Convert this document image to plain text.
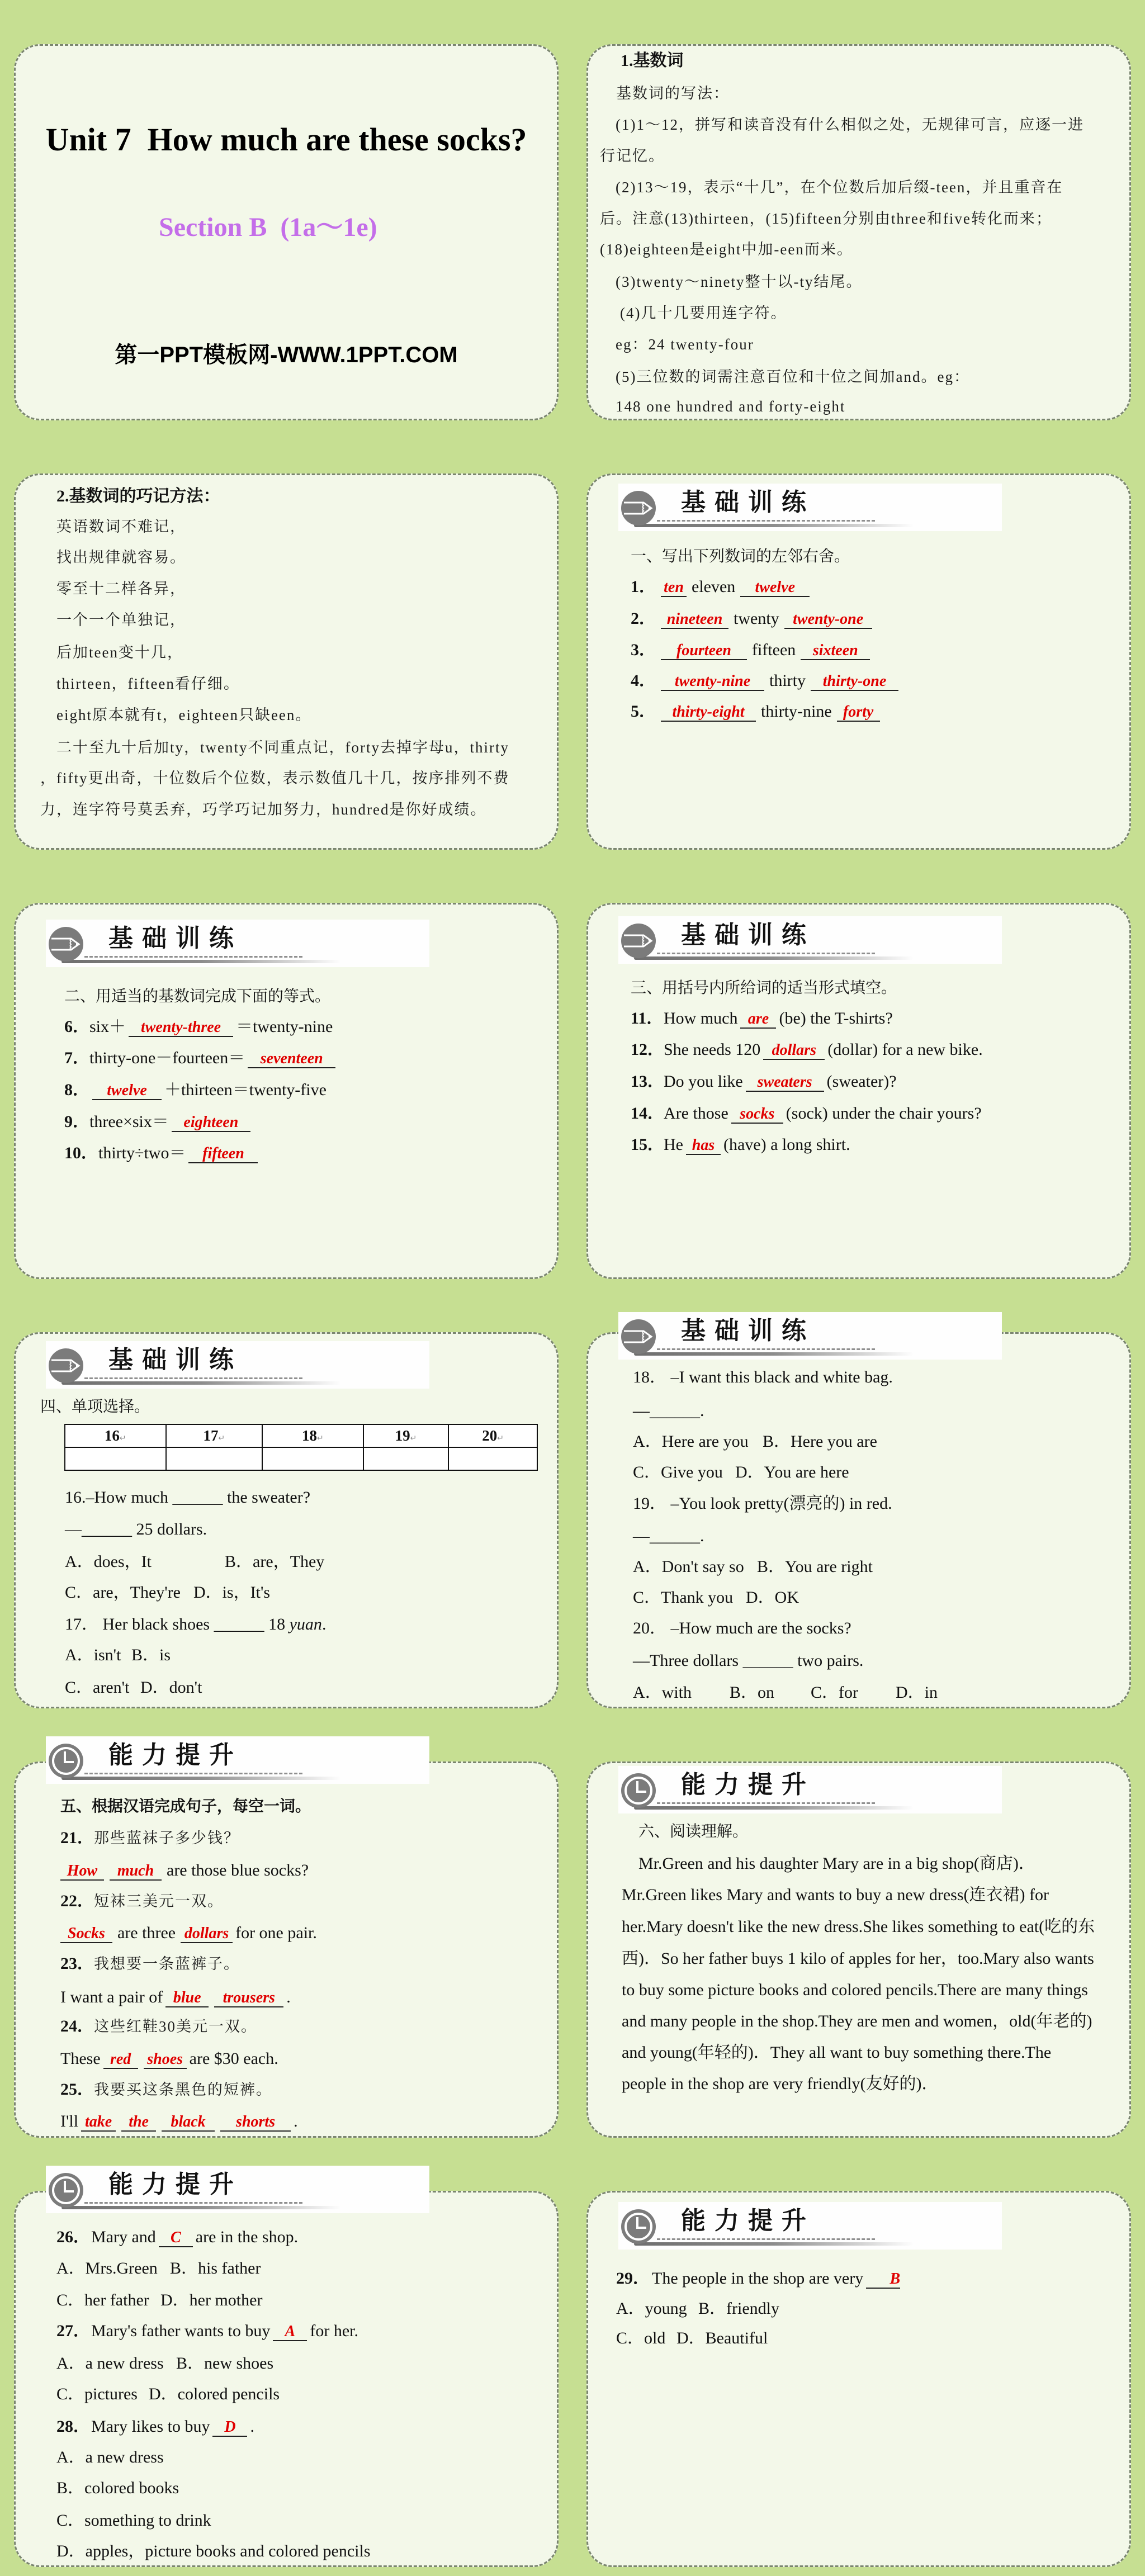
Unit 7  How much are these socks?
Section B  (1a～1e)
第一PPT模板网-WWW.1PPT.COM
1.基数词
基数词的写法：
(1)1～12，拼写和读音没有什么相似之处，无规律可言，应逐一进
行记忆。
(2)13～19，表示“十几”，在个位数后加后缀-teen，并且重音在
后。注意(13)thirteen，(15)fifteen分别由three和five转化而来；
(18)eighteen是eight中加-een而来。
(3)twenty～ninety整十以-ty结尾。
(4)几十几要用连字符。
eg：24 twenty-four
(5)三位数的词需注意百位和十位之间加and。eg：
148 one hundred and forty-eight
2.基数词的巧记方法：
英语数词不难记，
找出规律就容易。
零至十二样各异，
一个一个单独记，
后加teen变十几，
thirteen，fifteen看仔细。
eight原本就有t，eighteen只缺een。
二十至九十后加ty，twenty不同重点记，forty去掉字母u，thirty
，fifty更出奇，十位数后个位数，表示数值几十几，按序排列不费
力，连字符号莫丢弃，巧学巧记加努力，hundred是你好成绩。
基础训练
一、写出下列数词的左邻右舍。
1． ten eleven twelve
2． nineteen twenty twenty-one
3． fourteen fifteen sixteen
4． twenty-nine thirty thirty-one
5． thirty-eight thirty-nine forty
基础训练
二、用适当的基数词完成下面的等式。
6．six＋ twenty-three ＝twenty-nine
7．thirty-one－fourteen＝ seventeen
8． twelve ＋thirteen＝twenty-five
9．three×six＝ eighteen
10．thirty÷two＝ fifteen
基础训练
三、用括号内所给词的适当形式填空。
11．How much are (be) the T-shirts?
12．She needs 120 dollars (dollar) for a new bike.
13．Do you like sweaters (sweater)?
14．Are those socks (sock) under the chair yours?
15．He has (have) a long shirt.
基础训练
四、单项选择。
16↵	17↵	18↵	19↵	20↵

16.–How much ______ the sweater?
—______ 25 dollars.
A．does，It	B．are，They
C．are，They're D．is，It's
17． Her black shoes ______ 18 yuan.
A．isn't B．is
C．aren't D．don't
基础训练
18． –I want this black and white bag.
—______.
A．Here are you B．Here you are
C．Give you D．You are here
19． –You look pretty(漂亮的) in red.
—______.
A．Don't say so B．You are right
C．Thank you D．OK
20． –How much are the socks?
—Three dollars ______ two pairs.
A．with B．on C．for D．in
能力提升
五、根据汉语完成句子，每空一词。
21．那些蓝袜子多少钱？
How much are those blue socks?
22．短袜三美元一双。
Socks are three dollars for one pair.
23．我想要一条蓝裤子。
I want a pair of blue trousers .
24．这些红鞋30美元一双。
These red shoes are $30 each.
25．我要买这条黑色的短裤。
I'll take the black shorts .
能力提升
六、阅读理解。
Mr.Green and his daughter Mary are in a big shop(商店)．
Mr.Green likes Mary and wants to buy a new dress(连衣裙) for
her.Mary doesn't like the new dress.She likes something to eat(吃的东
西)．So her father buys 1 kilo of apples for her，too.Mary also wants
to buy some picture books and colored pencils.There are many things
and many people in the shop.They are men and women，old(年老的)
and young(年轻的)．They all want to buy something there.The
people in the shop are very friendly(友好的)．
能力提升
26．Mary and C are in the shop.
A．Mrs.Green B．his father
C．her father D．her mother
27．Mary's father wants to buy A for her.
A．a new dress B．new shoes
C．pictures D．colored pencils
28．Mary likes to buy D .
A．a new dress
B．colored books
C．something to drink
D．apples，picture books and colored pencils
能力提升
29． The people in the shop are very B
A．young B．friendly
C．old D．Beautiful
